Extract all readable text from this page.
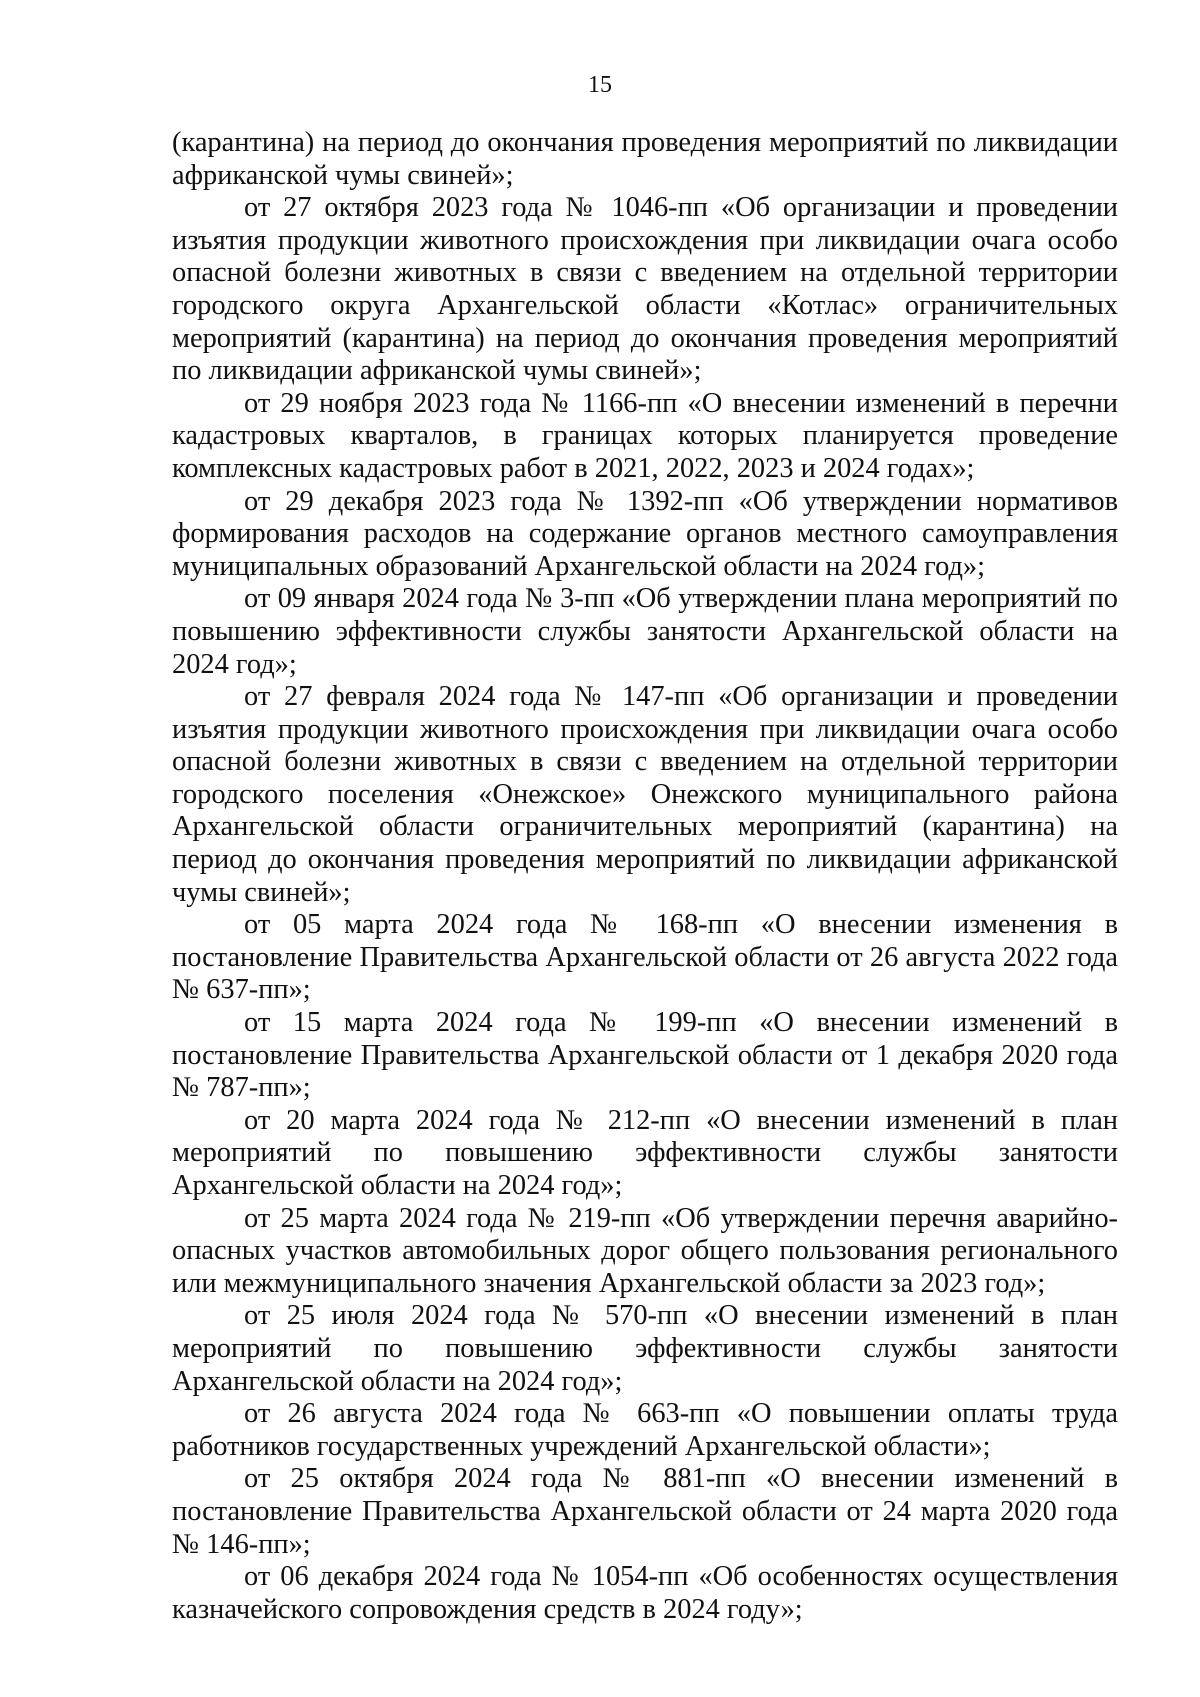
15

(карантина) на период до окончания проведения мероприятий по ликвидации африканской чумы свиней»;

от 27 октября 2023 года № 1046-пп «Об организации и проведении изъятия продукции животного происхождения при ликвидации очага особо опасной болезни животных в связи с введением на отдельной территории городского округа Архангельской области «Котлас» ограничительных мероприятий (карантина) на период до окончания проведения мероприятий по ликвидации африканской чумы свиней»;

от 29 ноября 2023 года № 1166-пп «О внесении изменений в перечни кадастровых кварталов, в границах которых планируется проведение комплексных кадастровых работ в 2021, 2022, 2023 и 2024 годах»;

от 29 декабря 2023 года № 1392-пп «Об утверждении нормативов формирования расходов на содержание органов местного самоуправления муниципальных образований Архангельской области на 2024 год»;

от 09 января 2024 года № 3-пп «Об утверждении плана мероприятий по повышению эффективности службы занятости Архангельской области на 2024 год»;

от 27 февраля 2024 года № 147-пп «Об организации и проведении изъятия продукции животного происхождения при ликвидации очага особо опасной болезни животных в связи с введением на отдельной территории городского поселения «Онежское» Онежского муниципального района Архангельской области ограничительных мероприятий (карантина) на период до окончания проведения мероприятий по ликвидации африканской чумы свиней»;

от 05 марта 2024 года № 168-пп «О внесении изменения в постановление Правительства Архангельской области от 26 августа 2022 года № 637-пп»;

от 15 марта 2024 года № 199-пп «О внесении изменений в постановление Правительства Архангельской области от 1 декабря 2020 года № 787-пп»;

от 20 марта 2024 года № 212-пп «О внесении изменений в план мероприятий по повышению эффективности службы занятости Архангельской области на 2024 год»;

от 25 марта 2024 года № 219-пп «Об утверждении перечня аварийно-опасных участков автомобильных дорог общего пользования регионального или межмуниципального значения Архангельской области за 2023 год»;

от 25 июля 2024 года № 570-пп «О внесении изменений в план мероприятий по повышению эффективности службы занятости Архангельской области на 2024 год»;

от 26 августа 2024 года № 663-пп «О повышении оплаты труда работников государственных учреждений Архангельской области»;

от 25 октября 2024 года № 881-пп «О внесении изменений в постановление Правительства Архангельской области от 24 марта 2020 года № 146-пп»;

от 06 декабря 2024 года № 1054-пп «Об особенностях осуществления казначейского сопровождения средств в 2024 году»;
